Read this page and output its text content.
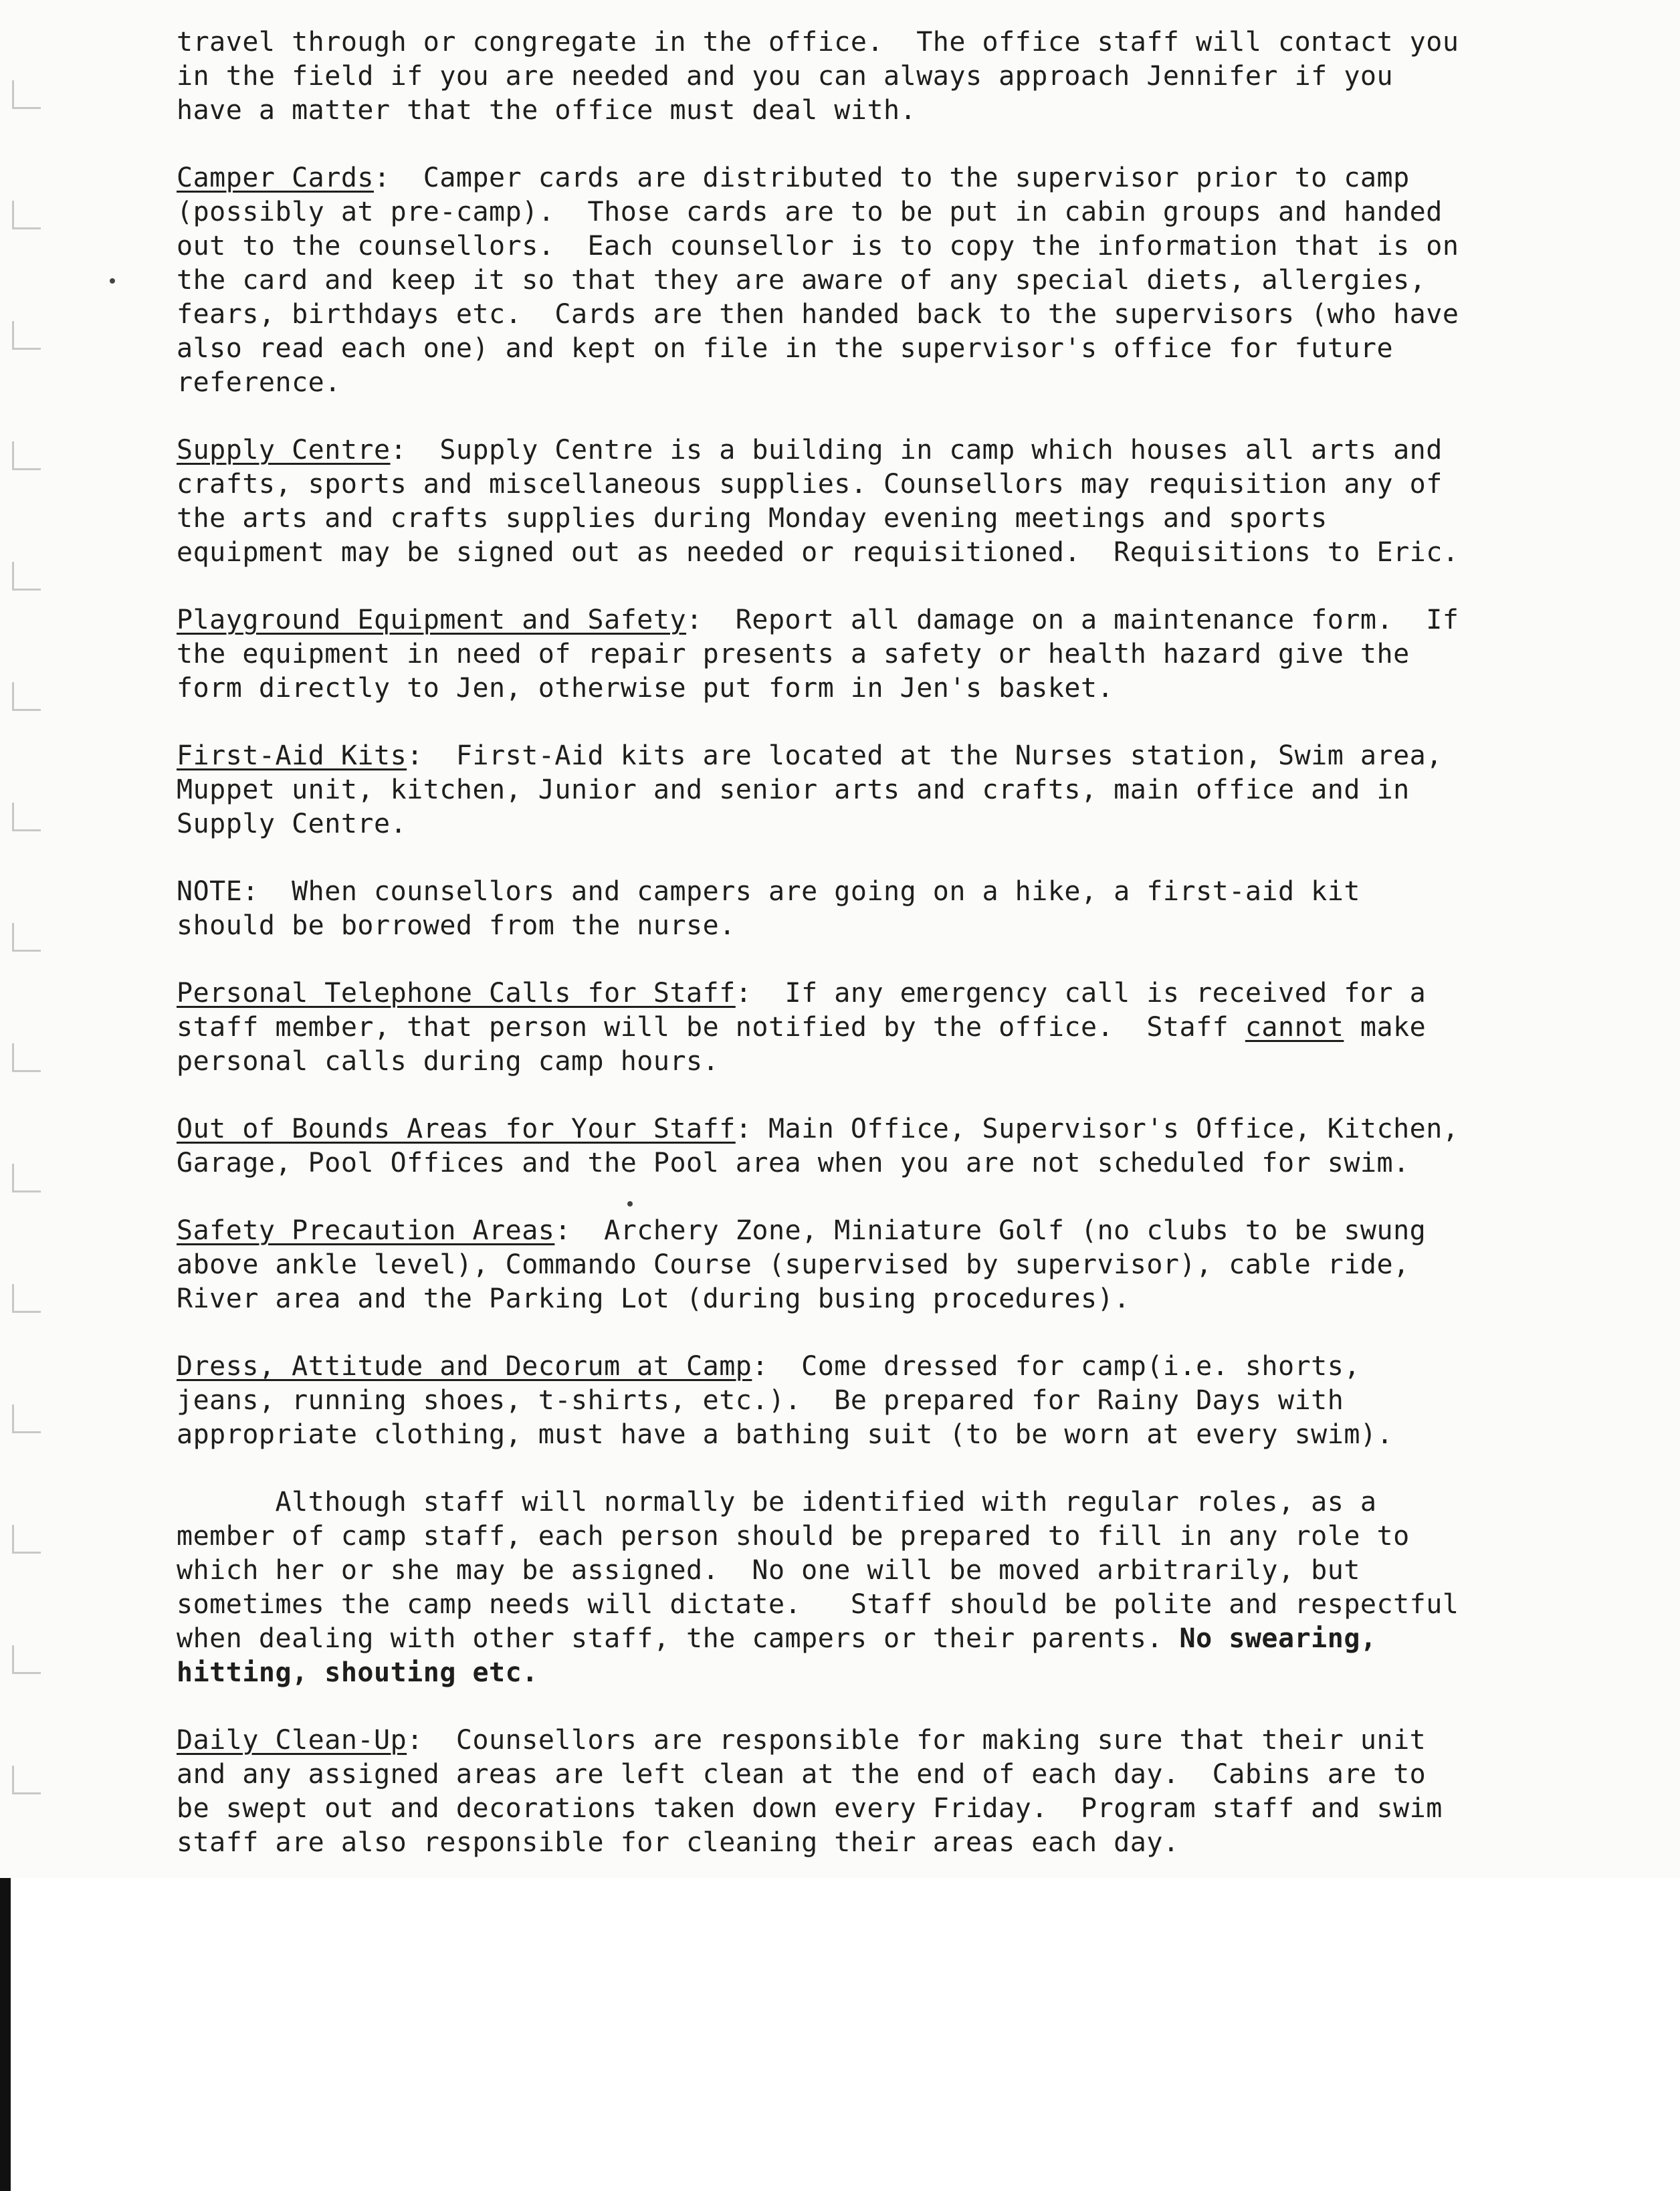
travel through or congregate in the office.  The office staff will contact you
in the field if you are needed and you can always approach Jennifer if you
have a matter that the office must deal with.
Camper Cards:  Camper cards are distributed to the supervisor prior to camp
(possibly at pre-camp).  Those cards are to be put in cabin groups and handed
out to the counsellors.  Each counsellor is to copy the information that is on
the card and keep it so that they are aware of any special diets, allergies,
fears, birthdays etc.  Cards are then handed back to the supervisors (who have
also read each one) and kept on file in the supervisor's office for future
reference.
Supply Centre:  Supply Centre is a building in camp which houses all arts and
crafts, sports and miscellaneous supplies. Counsellors may requisition any of
the arts and crafts supplies during Monday evening meetings and sports
equipment may be signed out as needed or requisitioned.  Requisitions to Eric.
Playground Equipment and Safety:  Report all damage on a maintenance form.  If
the equipment in need of repair presents a safety or health hazard give the
form directly to Jen, otherwise put form in Jen's basket.
First-Aid Kits:  First-Aid kits are located at the Nurses station, Swim area,
Muppet unit, kitchen, Junior and senior arts and crafts, main office and in
Supply Centre.
NOTE:  When counsellors and campers are going on a hike, a first-aid kit
should be borrowed from the nurse.
Personal Telephone Calls for Staff:  If any emergency call is received for a
staff member, that person will be notified by the office.  Staff cannot make
personal calls during camp hours.
Out of Bounds Areas for Your Staff: Main Office, Supervisor's Office, Kitchen,
Garage, Pool Offices and the Pool area when you are not scheduled for swim.
Safety Precaution Areas:  Archery Zone, Miniature Golf (no clubs to be swung
above ankle level), Commando Course (supervised by supervisor), cable ride,
River area and the Parking Lot (during busing procedures).
Dress, Attitude and Decorum at Camp:  Come dressed for camp(i.e. shorts,
jeans, running shoes, t-shirts, etc.).  Be prepared for Rainy Days with
appropriate clothing, must have a bathing suit (to be worn at every swim).
Although staff will normally be identified with regular roles, as a
member of camp staff, each person should be prepared to fill in any role to
which her or she may be assigned.  No one will be moved arbitrarily, but
sometimes the camp needs will dictate.   Staff should be polite and respectful
when dealing with other staff, the campers or their parents. No swearing,
hitting, shouting etc.
Daily Clean-Up:  Counsellors are responsible for making sure that their unit
and any assigned areas are left clean at the end of each day.  Cabins are to
be swept out and decorations taken down every Friday.  Program staff and swim
staff are also responsible for cleaning their areas each day.
